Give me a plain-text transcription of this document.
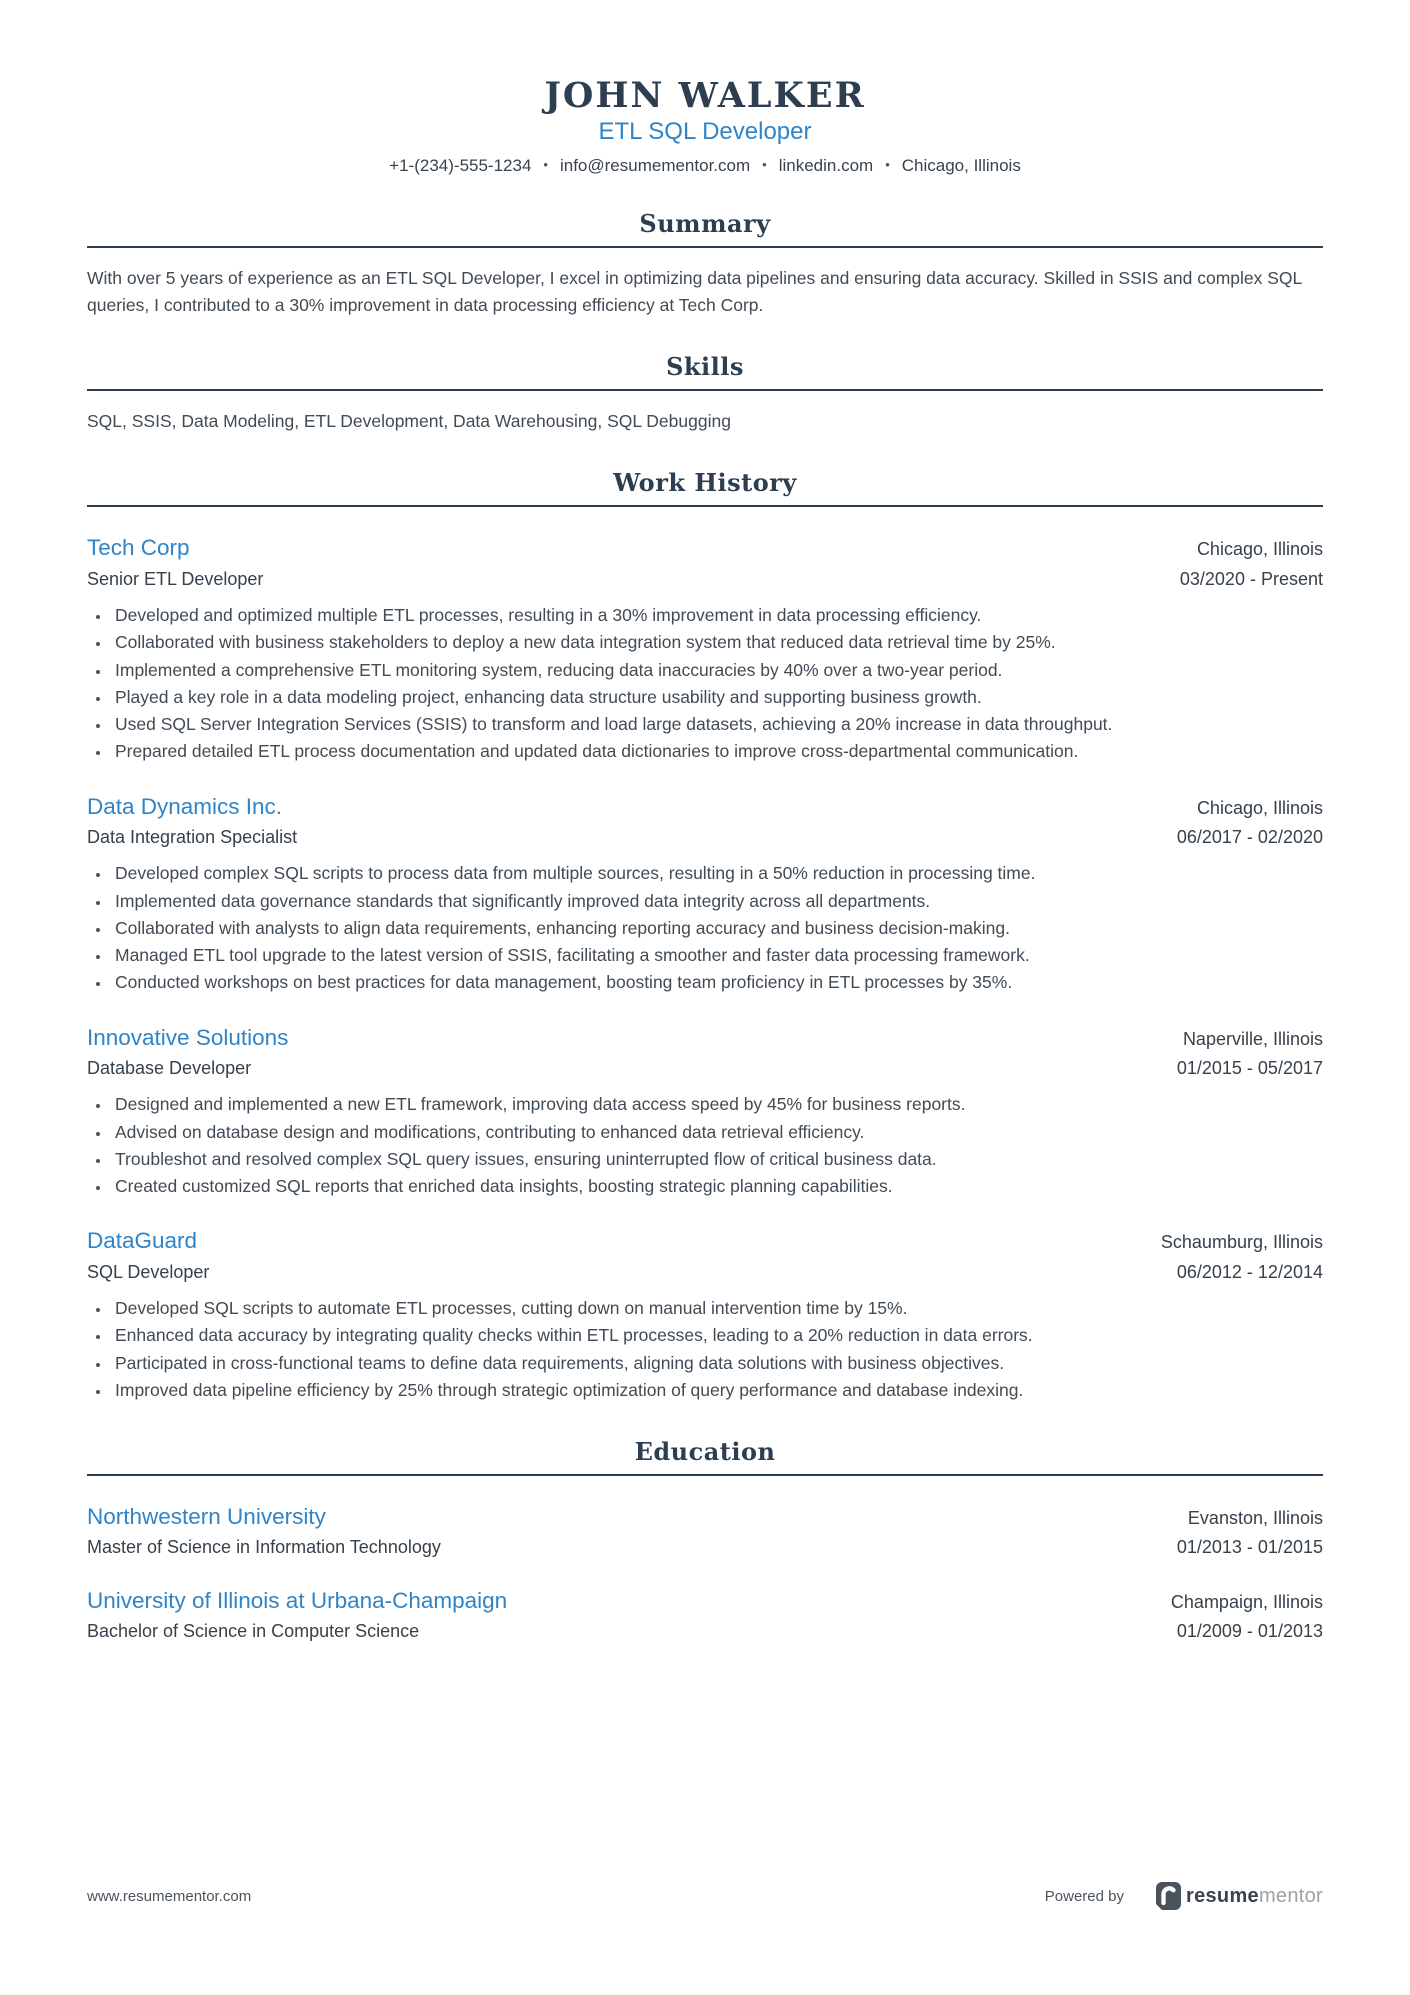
JOHN WALKER
ETL SQL Developer
+1-(234)-555-1234 • info@resumementor.com • linkedin.com • Chicago, Illinois
Summary

With over 5 years of experience as an ETL SQL Developer, I excel in optimizing data pipelines and ensuring data accuracy. Skilled in SSIS and complex SQL queries, I contributed to a 30% improvement in data processing efficiency at Tech Corp.

Skills

SQL, SSIS, Data Modeling, ETL Development, Data Warehousing, SQL Debugging

Work History
Tech Corp	Chicago, Illinois
Senior ETL Developer	03/2020 - Present
• Developed and optimized multiple ETL processes, resulting in a 30% improvement in data processing efficiency.
• Collaborated with business stakeholders to deploy a new data integration system that reduced data retrieval time by 25%.
• Implemented a comprehensive ETL monitoring system, reducing data inaccuracies by 40% over a two-year period.
• Played a key role in a data modeling project, enhancing data structure usability and supporting business growth.
• Used SQL Server Integration Services (SSIS) to transform and load large datasets, achieving a 20% increase in data throughput.
• Prepared detailed ETL process documentation and updated data dictionaries to improve cross-departmental communication.
Data Dynamics Inc.	Chicago, Illinois
Data Integration Specialist	06/2017 - 02/2020
• Developed complex SQL scripts to process data from multiple sources, resulting in a 50% reduction in processing time.
• Implemented data governance standards that significantly improved data integrity across all departments.
• Collaborated with analysts to align data requirements, enhancing reporting accuracy and business decision-making.
• Managed ETL tool upgrade to the latest version of SSIS, facilitating a smoother and faster data processing framework.
• Conducted workshops on best practices for data management, boosting team proficiency in ETL processes by 35%.
Innovative Solutions	Naperville, Illinois
Database Developer	01/2015 - 05/2017
• Designed and implemented a new ETL framework, improving data access speed by 45% for business reports.
• Advised on database design and modifications, contributing to enhanced data retrieval efficiency.
• Troubleshot and resolved complex SQL query issues, ensuring uninterrupted flow of critical business data.
• Created customized SQL reports that enriched data insights, boosting strategic planning capabilities.
DataGuard	Schaumburg, Illinois
SQL Developer	06/2012 - 12/2014
• Developed SQL scripts to automate ETL processes, cutting down on manual intervention time by 15%.
• Enhanced data accuracy by integrating quality checks within ETL processes, leading to a 20% reduction in data errors.
• Participated in cross-functional teams to define data requirements, aligning data solutions with business objectives.
• Improved data pipeline efficiency by 25% through strategic optimization of query performance and database indexing.
Education
Northwestern University	Evanston, Illinois
Master of Science in Information Technology	01/2013 - 01/2015
University of Illinois at Urbana-Champaign	Champaign, Illinois
Bachelor of Science in Computer Science	01/2009 - 01/2013
www.resumementor.com	Powered by	resumementor
